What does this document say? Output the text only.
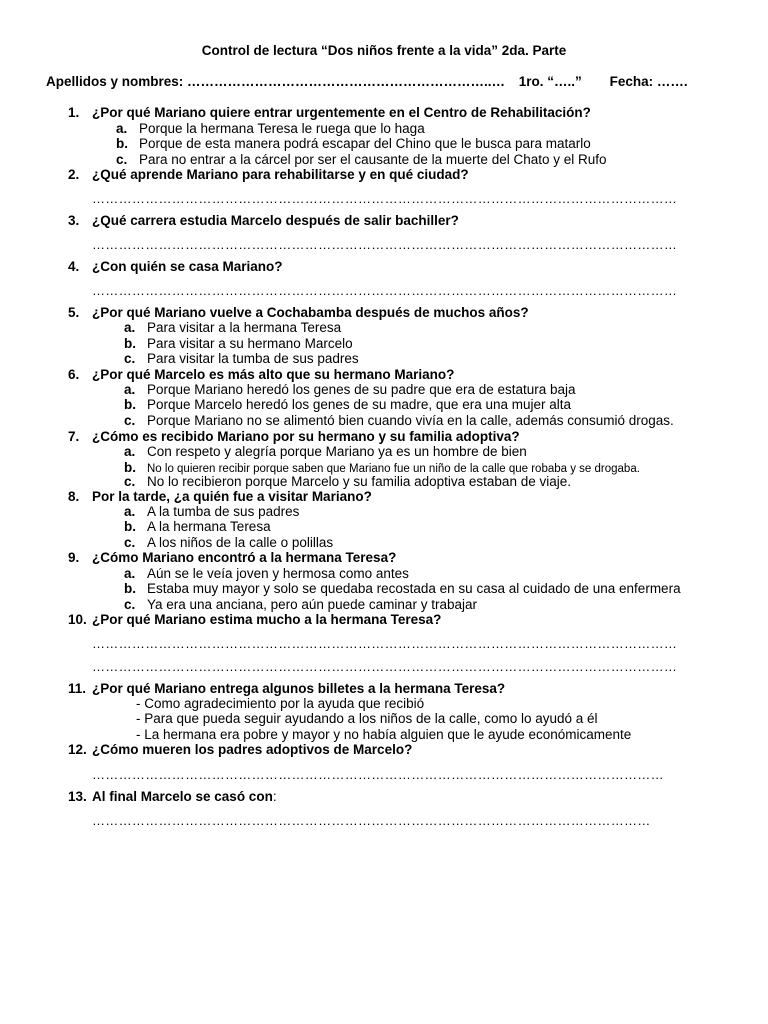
Control de lectura “Dos niños frente a la vida” 2da. Parte
Apellidos y nombres: …………………………………………………………..… 1ro. “…..” Fecha: …….
1. ¿Por qué Mariano quiere entrar urgentemente en el Centro de Rehabilitación?
a. Porque la hermana Teresa le ruega que lo haga
b. Porque de esta manera podrá escapar del Chino que le busca para matarlo
c. Para no entrar a la cárcel por ser el causante de la muerte del Chato y el Rufo
2. ¿Qué aprende Mariano para rehabilitarse y en qué ciudad?
……………………………………………………………………………………………………………………
3. ¿Qué carrera estudia Marcelo después de salir bachiller?
……………………………………………………………………………………………………………………
4. ¿Con quién se casa Mariano?
……………………………………………………………………………………………………………………
5. ¿Por qué Mariano vuelve a Cochabamba después de muchos años?
a. Para visitar a la hermana Teresa
b. Para visitar a su hermano Marcelo
c. Para visitar la tumba de sus padres
6. ¿Por qué Marcelo es más alto que su hermano Mariano?
a. Porque Mariano heredó los genes de su padre que era de estatura baja
b. Porque Marcelo heredó los genes de su madre, que era una mujer alta
c. Porque Mariano no se alimentó bien cuando vivía en la calle, además consumió drogas.
7. ¿Cómo es recibido Mariano por su hermano y su familia adoptiva?
a. Con respeto y alegría porque Mariano ya es un hombre de bien
b. No lo quieren recibir porque saben que Mariano fue un niño de la calle que robaba y se drogaba.
c. No lo recibieron porque Marcelo y su familia adoptiva estaban de viaje.
8. Por la tarde, ¿a quién fue a visitar Mariano?
a. A la tumba de sus padres
b. A la hermana Teresa
c. A los niños de la calle o polillas
9. ¿Cómo Mariano encontró a la hermana Teresa?
a. Aún se le veía joven y hermosa como antes
b. Estaba muy mayor y solo se quedaba recostada en su casa al cuidado de una enfermera
c. Ya era una anciana, pero aún puede caminar y trabajar
10. ¿Por qué Mariano estima mucho a la hermana Teresa?
……………………………………………………………………………………………………………………
……………………………………………………………………………………………………………………
11. ¿Por qué Mariano entrega algunos billetes a la hermana Teresa?
- Como agradecimiento por la ayuda que recibió
- Para que pueda seguir ayudando a los niños de la calle, como lo ayudó a él
- La hermana era pobre y mayor y no había alguien que le ayude económicamente
12. ¿Cómo mueren los padres adoptivos de Marcelo?
…………………………………………………………………………………………………………………
13. Al final Marcelo se casó con:
………………………………………………………………………………………………………………
